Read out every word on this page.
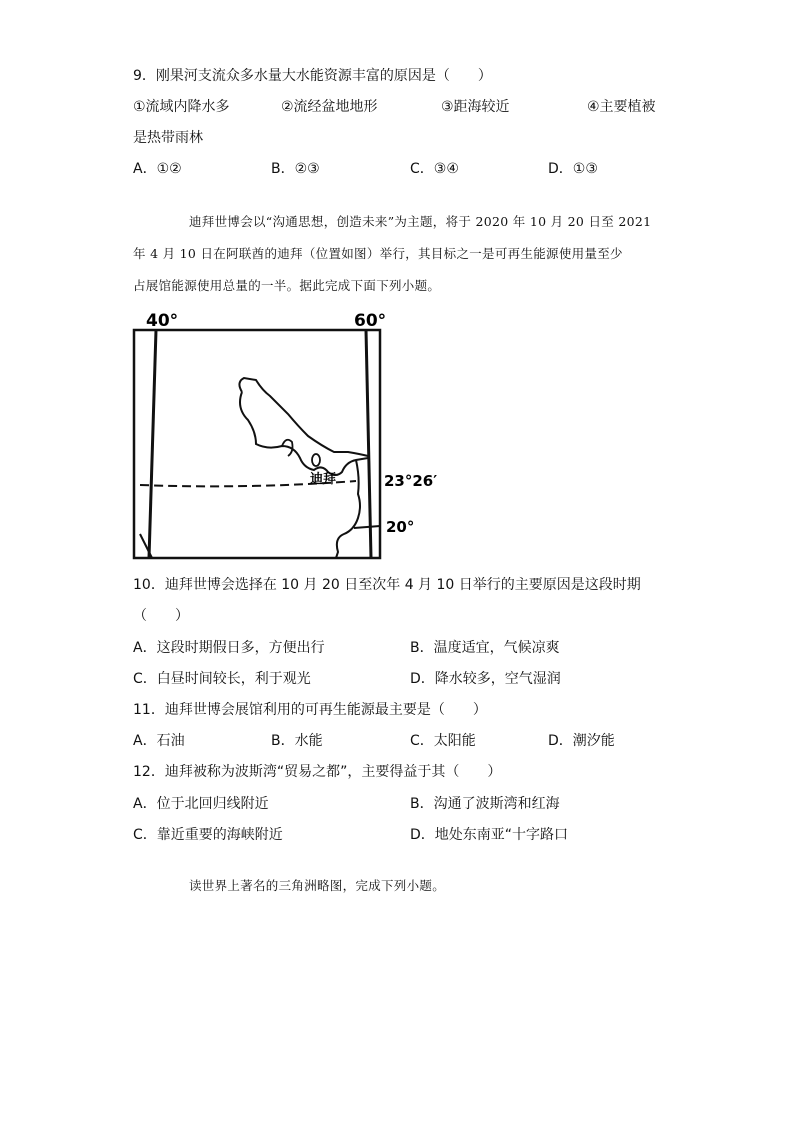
9．刚果河支流众多水量大水能资源丰富的原因是（　　）
①流域内降水多	②流经盆地地形	③距海较近	④主要植被
是热带雨林
A．①②	B．②③	C．③④	D．①③
迪拜世博会以“沟通思想，创造未来”为主题，将于 2020 年 10 月 20 日至 2021
年 4 月 10 日在阿联酋的迪拜（位置如图）举行，其目标之一是可再生能源使用量至少
占展馆能源使用总量的一半。据此完成下面下列小题。
40°	60°
23°26′
20°
迪拜
10．迪拜世博会选择在 10 月 20 日至次年 4 月 10 日举行的主要原因是这段时期
（　　）
A．这段时期假日多，方便出行	B．温度适宜，气候凉爽
C．白昼时间较长，利于观光	D．降水较多，空气湿润
11．迪拜世博会展馆利用的可再生能源最主要是（　　）
A．石油	B．水能	C．太阳能	D．潮汐能
12．迪拜被称为波斯湾“贸易之都”，主要得益于其（　　）
A．位于北回归线附近	B．沟通了波斯湾和红海
C．靠近重要的海峡附近	D．地处东南亚“十字路口
读世界上著名的三角洲略图，完成下列小题。
